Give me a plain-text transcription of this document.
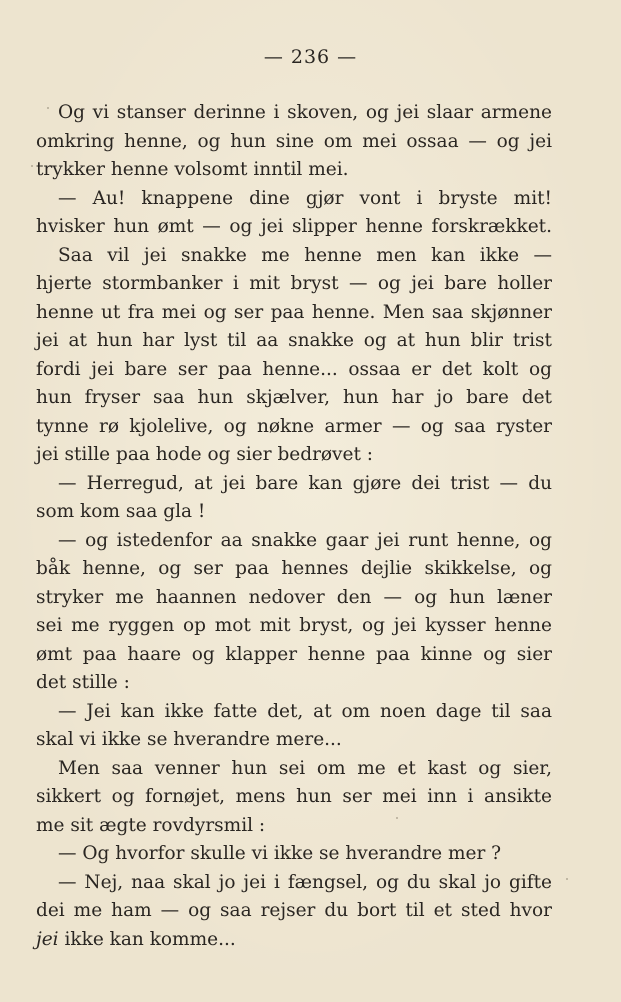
— 236 —
Og vi stanser derinne i skoven, og jei slaar armene
omkring henne, og hun sine om mei ossaa — og jei
trykker henne volsomt inntil mei.
— Au! knappene dine gjør vont i bryste mit!
hvisker hun ømt — og jei slipper henne forskrækket.
Saa vil jei snakke me henne men kan ikke —
hjerte stormbanker i mit bryst — og jei bare holler
henne ut fra mei og ser paa henne. Men saa skjønner
jei at hun har lyst til aa snakke og at hun blir trist
fordi jei bare ser paa henne... ossaa er det kolt og
hun fryser saa hun skjælver, hun har jo bare det
tynne rø kjolelive, og nøkne armer — og saa ryster
jei stille paa hode og sier bedrøvet :
— Herregud, at jei bare kan gjøre dei trist — du
som kom saa gla !
— og istedenfor aa snakke gaar jei runt henne, og
båk henne, og ser paa hennes dejlie skikkelse, og
stryker me haannen nedover den — og hun læner
sei me ryggen op mot mit bryst, og jei kysser henne
ømt paa haare og klapper henne paa kinne og sier
det stille :
— Jei kan ikke fatte det, at om noen dage til saa
skal vi ikke se hverandre mere...
Men saa venner hun sei om me et kast og sier,
sikkert og fornøjet, mens hun ser mei inn i ansikte
me sit ægte rovdyrsmil :
— Og hvorfor skulle vi ikke se hverandre mer ?
— Nej, naa skal jo jei i fængsel, og du skal jo gifte
dei me ham — og saa rejser du bort til et sted hvor
jei ikke kan komme...
